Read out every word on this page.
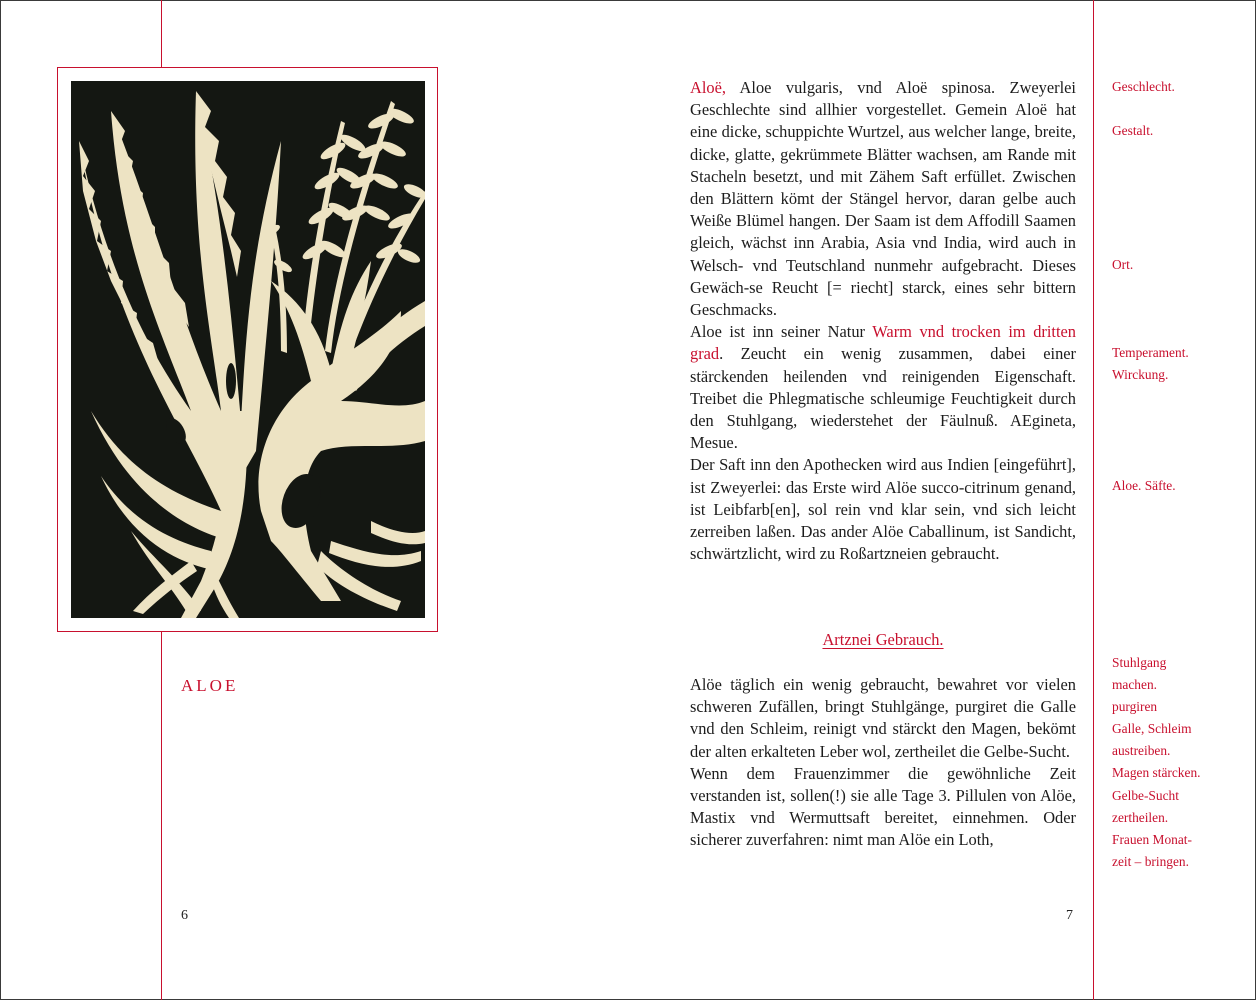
ALOE
6

Aloë, Aloe vulgaris, vnd Aloë spinosa. Zweyerlei Geschlechte sind allhier vorgestellet. Gemein Aloë hat eine dicke, schuppichte Wurtzel, aus welcher lange, breite, dicke, glatte, gekrümmete Blätter wachsen, am Rande mit Stacheln besetzt, und mit Zähem Saft erfüllet. Zwischen den Blättern kömt der Stängel hervor, daran gelbe auch Weiße Blümel hangen. Der Saam ist dem Affodill Saamen gleich, wächst inn Arabia, Asia vnd India, wird auch in Welsch- vnd Teutschland nunmehr aufgebracht. Dieses Gewäch-se Reucht [= riecht] starck, eines sehr bittern Geschmacks.

Aloe ist inn seiner Natur Warm vnd trocken im dritten grad. Zeucht ein wenig zusammen, dabei einer stärckenden heilenden vnd reinigenden Eigenschaft. Treibet die Phlegmatische schleumige Feuchtigkeit durch den Stuhlgang, wiederstehet der Fäulnuß. AEgineta, Mesue.

Der Saft inn den Apothecken wird aus Indien [eingeführt], ist Zweyerlei: das Erste wird Alöe succo-citrinum genand, ist Leibfarb[en], sol rein vnd klar sein, vnd sich leicht zerreiben laßen. Das ander Alöe Caballinum, ist Sandicht, schwärtzlicht, wird zu Roßartzneien gebraucht.

Artznei Gebrauch.

Alöe täglich ein wenig gebraucht, bewahret vor vielen schweren Zufällen, bringt Stuhlgänge, purgiret die Galle vnd den Schleim, reinigt vnd stärckt den Magen, bekömt der alten erkalteten Leber wol, zertheilet die Gelbe-Sucht.

Wenn dem Frauenzimmer die gewöhnliche Zeit verstanden ist, sollen(!) sie alle Tage 3. Pillulen von Alöe, Mastix vnd Wermuttsaft bereitet, einnehmen. Oder sicherer zuverfahren: nimt man Alöe ein Loth,

7
Geschlecht.
Gestalt.
Ort.
Temperament.
Wirckung.
Aloe. Säfte.
Stuhlgang
machen.
purgiren
Galle, Schleim
austreiben.
Magen stärcken.
Gelbe-Sucht
zertheilen.
Frauen Monat-
zeit – bringen.
